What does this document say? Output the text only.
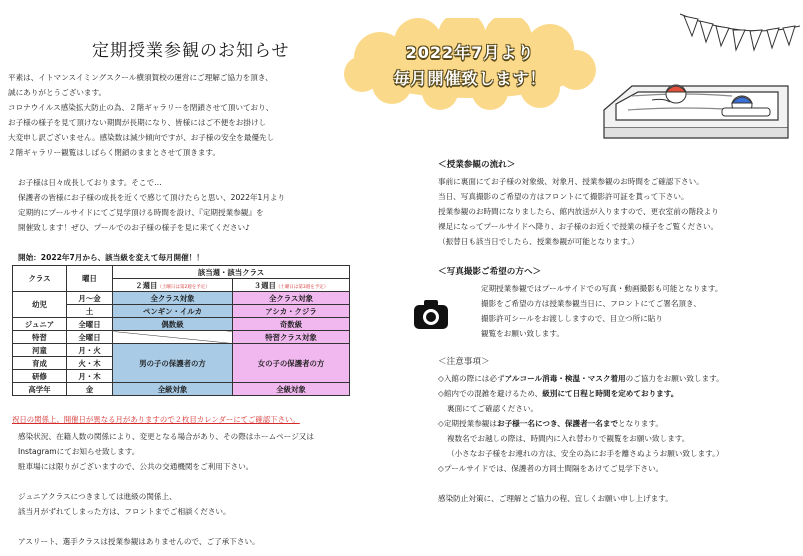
定期授業参観のお知らせ	2022年7月より
毎月開催致します！
平素は、イトマンスイミングスクール横須賀校の運営にご理解ご協力を頂き、
誠にありがとうございます。
コロナウイルス感染拡大防止の為、２階ギャラリーを閉鎖させて頂いており、
お子様の様子を見て頂けない期間が長期になり、皆様にはご不便をお掛けし
大変申し訳ございません。感染数は減少傾向ですが、お子様の安全を最優先し
２階ギャラリー観覧はしばらく閉鎖のままとさせて頂きます。
お子様は日々成長しております。そこで…
保護者の皆様にお子様の成長を近くで感じて頂けたらと思い、2022年1月より
定期的にプールサイドにてご見学頂ける時間を設け、『定期授業参観』を
開催致します！ぜひ、プールでのお子様の様子を見に来てください♪
開始：2022年7月から、該当級を変えて毎月開催！！
クラス	曜日	該当週・該当クラス	
		２週目（土曜日は第2週を予定）	３週目（土曜日は第3週を予定）
幼児	月～金	全クラス対象	全クラス対象
	土	ペンギン・イルカ	アシカ・クジラ
ジュニア	全曜日	偶数級	奇数級
特習	全曜日		特習クラス対象
河童	月・火	男の子の保護者の方	女の子の保護者の方
育成	火・木		
研修	月・木		
高学年	金	全級対象	全級対象
祝日の関係上、開催日が異なる月がありますので２枚目カレンダーにてご確認下さい。
感染状況、在籍人数の関係により、変更となる場合があり、その際はホームページ又は
Instagramにてお知らせ致します。
駐車場には限りがございますので、公共の交通機関をご利用下さい。
ジュニアクラスにつきましては進級の関係上、
該当月がずれてしまった方は、フロントまでご相談ください。
アスリート、選手クラスは授業参観はありませんので、ご了承下さい。
＜授業参観の流れ＞
事前に裏面にてお子様の対象級、対象月、授業参観のお時間をご確認下さい。
当日、写真撮影のご希望の方はフロントにて撮影許可証を貰って下さい。
授業参観のお時間になりましたら、館内放送が入りますので、更衣室前の階段より
裸足になってプールサイドへ降り、お子様のお近くで授業の様子をご覧ください。
（振替日も該当日でしたら、授業参観が可能となります。）
＜写真撮影ご希望の方へ＞
定期授業参観ではプールサイドでの写真・動画撮影も可能となります。
撮影をご希望の方は授業参観当日に、フロントにてご署名頂き、
撮影許可シールをお渡ししますので、目立つ所に貼り
観覧をお願い致します。
＜注意事項＞
◇入館の際には必ずアルコール消毒・検温・マスク着用のご協力をお願い致します。
◇館内での混雑を避けるため、級別にて日程と時間を定めております。
裏面にてご確認ください。
◇定期授業参観はお子様一名につき、保護者一名までとなります。
複数名でお越しの際は、時間内に入れ替わりで観覧をお願い致します。
（小さなお子様をお連れの方は、安全の為にお手を離さぬようお願い致します。）
◇プールサイドでは、保護者の方同士間隔をあけてご見学下さい。
感染防止対策に、ご理解とご協力の程、宜しくお願い申し上げます。
